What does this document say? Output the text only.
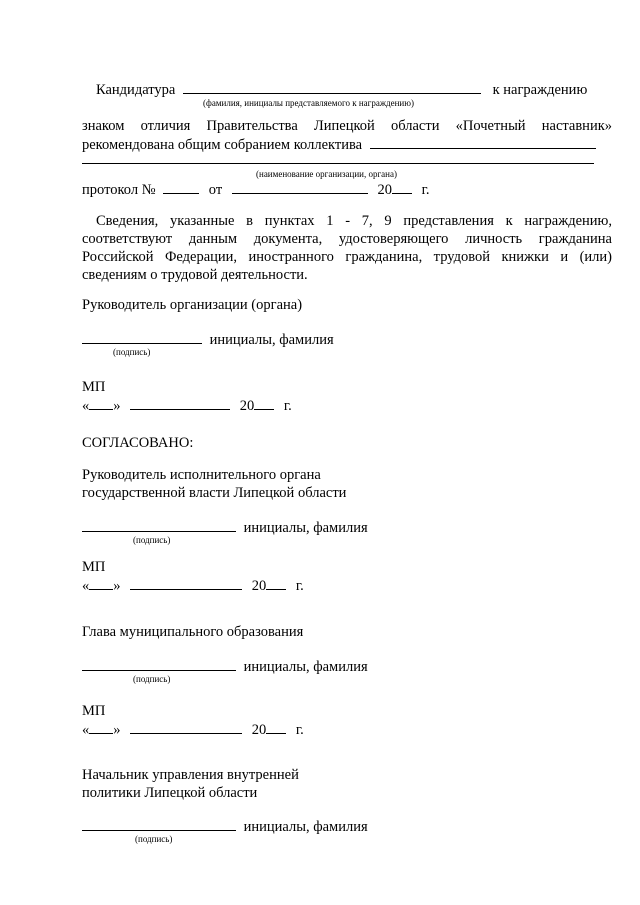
Кандидатура	к награждению
(фамилия, инициалы представляемого к награждению)
знаком отличия Правительства Липецкой области «Почетный наставник»
рекомендована общим собранием коллектива
(наименование организации, органа)
протокол №	от	20 г.
Сведения, указанные в пунктах 1 - 7, 9 представления к награждению,
соответствуют данным документа, удостоверяющего личность гражданина
Российской Федерации, иностранного гражданина, трудовой книжки и (или)
сведениям о трудовой деятельности.
Руководитель организации (органа)
инициалы, фамилия
(подпись)
МП
« »	20 г.
СОГЛАСОВАНО:
Руководитель исполнительного органа
государственной власти Липецкой области
инициалы, фамилия
(подпись)
МП
« »	20 г.
Глава муниципального образования
инициалы, фамилия
(подпись)
МП
« »	20 г.
Начальник управления внутренней
политики Липецкой области
инициалы, фамилия
(подпись)
